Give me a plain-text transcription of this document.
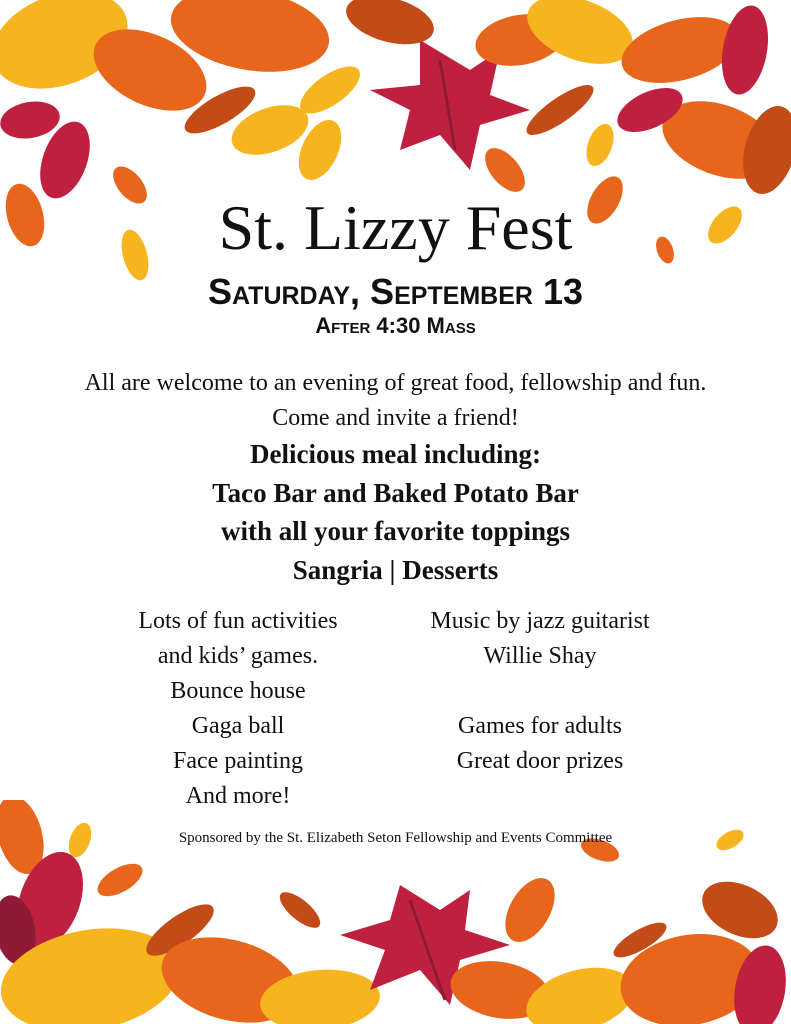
St. Lizzy Fest
Saturday, September 13
After 4:30 Mass
All are welcome to an evening of great food, fellowship and fun.
Come and invite a friend!
Delicious meal including:
Taco Bar and Baked Potato Bar
with all your favorite toppings
Sangria | Desserts
Lots of fun activities
and kids’ games.
Bounce house
Gaga ball
Face painting
And more!
Music by jazz guitarist
Willie Shay
Games for adults
Great door prizes
Sponsored by the St. Elizabeth Seton Fellowship and Events Committee
